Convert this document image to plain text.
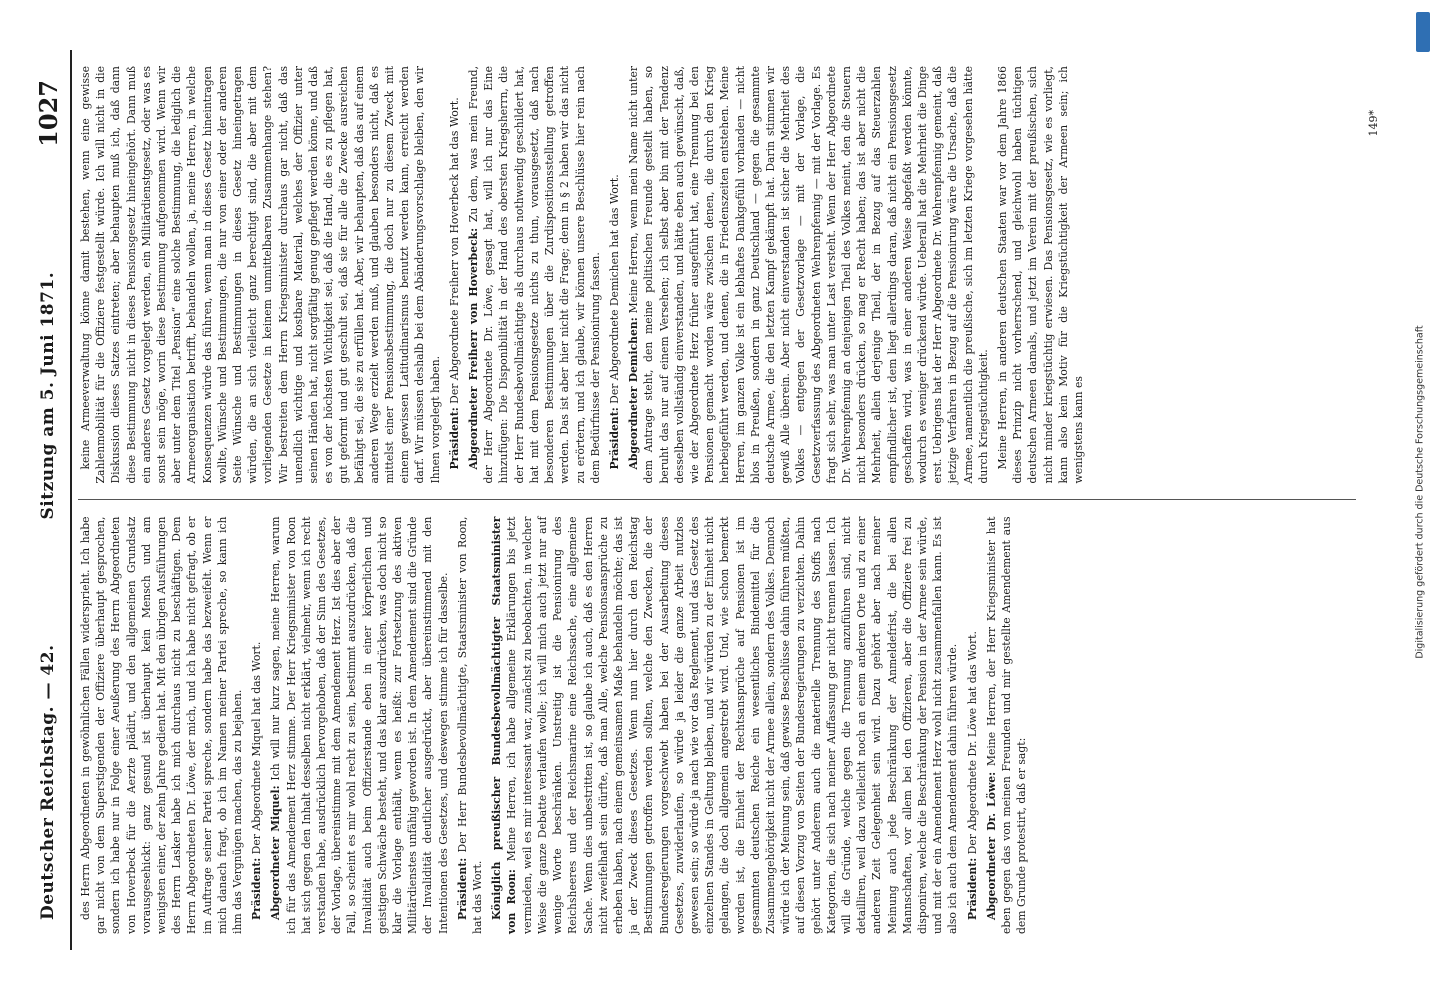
Deutscher Reichstag. — 42.
Sitzung am 5. Juni 1871.
1027

des Herrn Abgeordneten in gewöhnlichen Fällen widersprieht. Ich habe gar nicht von dem Superstigenden der Offiziere überhaupt gesprochen, sondern ich habe nur in Folge einer Aeußerung des Herrn Abgeordneten von Hoverbeck für die Aerzte plädirt, und den allgemeinen Grundsatz vorausgesehickt: ganz gesund ist überhaupt kein Mensch und am wenigsten einer, der zehn Jahre gedient hat. Mit den übrigen Ausführungen des Herrn Lasker habe ich mich durchaus nicht zu beschäftigen. Dem Herrn Abgeordneten Dr. Löwe, der mich, und ich habe nicht gefragt, ob er im Auftrage seiner Partei spreche, sondern habe das bezweifelt. Wenn er mich danach fragt, ob ich im Namen meiner Partei spreche, so kann ich ihm das Vergnügen machen, das zu bejahen. Präsident: Der Abgeordnete Miquel hat das Wort. Abgeordneter Miquel: Ich will nur kurz sagen, meine Herren, warum ich für das Amendement Herz stimme. Der Herr Kriegsminister von Roon hat sich gegen den Inhalt desselben nicht erklärt, vielmehr, wenn ich recht verstanden habe, ausdrücklich hervorgehoben, daß der Sinn des Gesetzes, der Vorlage, übereinstimme mit dem Amendement Herz. Ist dies aber der Fall, so scheint es mir wohl recht zu sein, bestimmt auszudrücken, daß die Invalidität auch beim Offizierstande eben in einer körperlichen und geistigen Schwäche besteht, und das klar auszudrücken, was doch nicht so klar die Vorlage enthält, wenn es heißt: zur Fortsetzung des aktiven Militärdienstes unfähig geworden ist. In dem Amendement sind die Gründe der Invalidität deutlicher ausgedrückt, aber übereinstimmend mit den Intentionen des Gesetzes, und deswegen stimme ich für dasselbe. Präsident: Der Herr Bundesbevollmächtigte, Staatsminister von Roon, hat das Wort. Königlich preußischer Bundesbevollmächtigter Staatsminister von Roon: Meine Herren, ich habe allgemeine Erklärungen bis jetzt vermieden, weil es mir interessant war, zunächst zu beobachten, in welcher Weise die ganze Debatte verlaufen wolle; ich will mich auch jetzt nur auf wenige Worte beschränken. Unstreitig ist die Pensionirung des Reichsheeres und der Reichsmarine eine Reichssache, eine allgemeine Sache. Wenn dies unbestritten ist, so glaube ich auch, daß es den Herren nicht zweifelhaft sein dürfte, daß man Alle, welche Pensionsansprüche zu erheben haben, nach einem gemeinsamen Maße behandeln möchte; das ist ja der Zweck dieses Gesetzes. Wenn nun hier durch den Reichstag Bestimmungen getroffen werden sollten, welche den Zwecken, die der Bundesregierungen vorgeschwebt haben bei der Ausarbeitung dieses Gesetzes, zuwiderlaufen, so würde ja leider die ganze Arbeit nutzlos gewesen sein; so würde ja nach wie vor das Reglement, und das Gesetz des einzelnen Standes in Geltung bleiben, und wir würden zu der Einheit nicht gelangen, die doch allgemein angestrebt wird. Und, wie schon bemerkt worden ist, die Einheit der Rechtsansprüche auf Pensionen ist im gesammten deutschen Reiche ein wesentliches Bindemittel für die Zusammengehörigkeit nicht der Armee allein, sondern des Volkes. Dennoch würde ich der Meinung sein, daß gewisse Beschlüsse dahin führen müßten, auf diesen Vorzug von Seiten der Bundesregierungen zu verzichten. Dahin gehört unter Anderem auch die materielle Trennung des Stoffs nach Kategorien, die sich nach meiner Auffassung gar nicht trennen lassen. Ich will die Gründe, welche gegen die Trennung anzuführen sind, nicht detailliren, weil dazu vielleicht noch an einem anderen Orte und zu einer anderen Zeit Gelegenheit sein wird. Dazu gehört aber nach meiner Meinung auch jede Beschränkung der Anmeldefrist, die bei allen Mannschaften, vor allem bei den Offizieren, aber die Offiziere frei zu disponiren, welche die Beschränkung der Pension in der Armee sein würde, und mit der ein Amendement Herz wohl nicht zusammenfallen kann. Es ist also ich auch dem Amendement dahin führen würde. Präsident: Der Abgeordnete Dr. Löwe hat das Wort. Abgeordneter Dr. Löwe: Meine Herren, der Herr Kriegsminister hat eben gegen das von meinen Freunden und mir gestellte Amendement aus dem Grunde protestirt, daß er sagt:

keine Armeeverwaltung könne damit bestehen, wenn eine gewisse Zahlenmobilität für die Offiziere festgestellt würde. Ich will nicht in die Diskussion dieses Satzes eintreten; aber behaupten muß ich, daß dann diese Bestimmung nicht in dieses Pensionsgesetz hineingehört. Dann muß ein anderes Gesetz vorgelegt werden, ein Militärdienstgesetz, oder was es sonst sein möge, worin diese Bestimmung aufgenommen wird. Wenn wir aber unter dem Titel „Pension“ eine solche Bestimmung, die lediglich die Armeeorganisation betrifft, behandeln wollen, ja, meine Herren, in welche Konsequenzen würde das führen, wenn man in dieses Gesetz hineintragen wollte, Wünsche und Bestimmungen, die nur von einer oder der anderen Seite Wünsche und Bestimmungen in dieses Gesetz hineingetragen würden, die an sich vielleicht ganz berechtigt sind, die aber mit dem vorliegenden Gesetze in keinem unmittelbaren Zusammenhange stehen? Wir bestreiten dem Herrn Kriegsminister durchaus gar nicht, daß das unendlich wichtige und kostbare Material, welches der Offizier unter seinen Händen hat, nicht sorgfältig genug gepflegt werden könne, und daß es von der höchsten Wichtigkeit sei, daß die Hand, die es zu pflegen hat, gut geformt und gut geschult sei, daß sie für alle die Zwecke ausreichen befähigt sei, die sie zu erfüllen hat. Aber, wir behaupten, daß das auf einem anderen Wege erzielt werden muß, und glauben besonders nicht, daß es mittelst einer Pensionsbestimmung, die doch nur zu diesem Zweck mit einem gewissen Latitudinarismus benutzt werden kann, erreicht werden darf. Wir müssen deshalb bei dem Abänderungsvorschlage bleiben, den wir Ihnen vorgelegt haben. Präsident: Der Abgeordnete Freiherr von Hoverbeck hat das Wort. Abgeordneter Freiherr von Hoverbeck: Zu dem, was mein Freund, der Herr Abgeordnete Dr. Löwe, gesagt hat, will ich nur das Eine hinzufügen: Die Disponibilität in der Hand des obersten Kriegsherrn, die der Herr Bundesbevollmächtigte als durchaus nothwendig geschildert hat, hat mit dem Pensionsgesetze nichts zu thun, vorausgesetzt, daß nach besonderen Bestimmungen über die Zurdispositionsstellung getroffen werden. Das ist aber hier nicht die Frage; denn in § 2 haben wir das nicht zu erörtern, und ich glaube, wir können unsere Beschlüsse hier rein nach dem Bedürfnisse der Pensionirung fassen. Präsident: Der Abgeordnete Demichen hat das Wort. Abgeordneter Demichen: Meine Herren, wenn mein Name nicht unter dem Antrage steht, den meine politischen Freunde gestellt haben, so beruht das nur auf einem Versehen; ich selbst aber bin mit der Tendenz desselben vollständig einverstanden, und hätte eben auch gewünscht, daß, wie der Abgeordnete Herz früher ausgeführt hat, eine Trennung bei den Pensionen gemacht worden wäre zwischen denen, die durch den Krieg herbeigeführt werden, und denen, die in Friedenszeiten entstehen. Meine Herren, im ganzen Volke ist ein lebhaftes Dankgefühl vorhanden — nicht blos in Preußen, sondern in ganz Deutschland — gegen die gesammte deutsche Armee, die den letzten Kampf gekämpft hat. Darin stimmen wir gewiß Alle überein. Aber nicht einverstanden ist sicher die Mehrheit des Volkes — entgegen der Gesetzvorlage — mit der Vorlage, die Gesetzverfassung des Abgeordneten Wehrenpfennig — mit der Vorlage. Es fragt sich sehr, was man unter Last versteht. Wenn der Herr Abgeordnete Dr. Wehrenpfennig an denjenigen Theil des Volkes meint, den die Steuern nicht besonders drücken, so mag er Recht haben; das ist aber nicht die Mehrheit, allein derjenige Theil, der in Bezug auf das Steuerzahlen empfindlicher ist, dem liegt allerdings daran, daß nicht ein Pensionsgesetz geschaffen wird, was in einer anderen Weise abgefaßt werden könnte, wodurch es weniger drückend würde. Ueberall hat die Mehrheit die Dinge erst. Uebrigens hat der Herr Abgeordnete Dr. Wehrenpfennig gemeint, daß jetzige Verfahren in Bezug auf die Pensionirung wäre die Ursache, daß die Armee, namentlich die preußische, sich im letzten Kriege vorgesehen hätte durch Kriegstüchtigkeit. Meine Herren, in anderen deutschen Staaten war vor dem Jahre 1866 dieses Prinzip nicht vorherrschend, und gleichwohl haben tüchtigen deutschen Armeen damals, und jetzt im Verein mit der preußischen, sich nicht minder kriegstüchtig erwiesen. Das Pensionsgesetz, wie es vorliegt, kann also kein Motiv für die Kriegstüchtigkeit der Armeen sein; ich wenigstens kann es

149*
Digitalisierung gefördert durch die Deutsche Forschungsgemeinschaft
